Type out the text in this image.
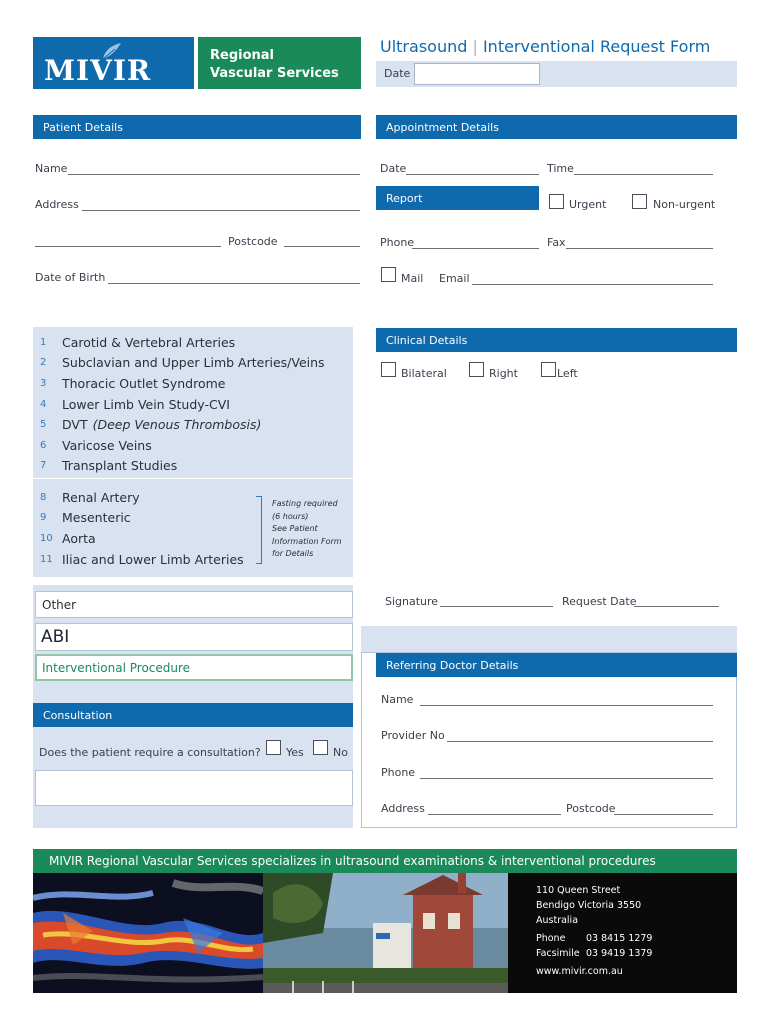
MIVIR	Regional
Vascular Services
Ultrasound | Interventional Request Form
Date
Patient Details
Name
Address
Postcode
Date of Birth
Appointment Details
Date	Time
Report	Urgent	Non-urgent
Phone	Fax
Mail Email
1	Carotid & Vertebral Arteries
2	Subclavian and Upper Limb Arteries/Veins
3	Thoracic Outlet Syndrome
4	Lower Limb Vein Study-CVI
5	DVT (Deep Venous Thrombosis)
6	Varicose Veins
7	Transplant Studies
8	Renal Artery
9	Mesenteric
10 Aorta
11 Iliac and Lower Limb Arteries
Fasting required
(6 hours)
See Patient
Information Form
for Details
Clinical Details
Bilateral	Right	Left
Signature	Request Date
Other
ABI
Interventional Procedure
Consultation
Does the patient require a consultation? Yes	No
Referring Doctor Details
Name
Provider No
Phone
Address	Postcode
MIVIR Regional Vascular Services specializes in ultrasound examinations & interventional procedures
110 Queen Street
Bendigo Victoria 3550
Australia
Phone 03 8415 1279
Facsimile 03 9419 1379
www.mivir.com.au
